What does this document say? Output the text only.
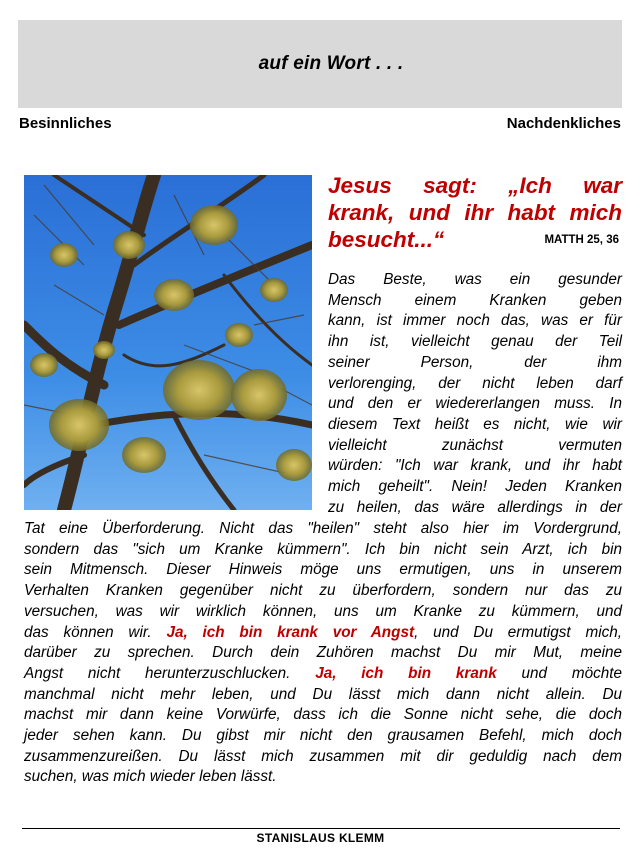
auf ein Wort . . .
Besinnliches	Nachdenkliches
Jesus sagt: „Ich war
krank, und ihr habt mich
besucht...“	MATTH 25, 36
Das Beste, was ein gesunder
Mensch einem Kranken geben
kann, ist immer noch das, was er für
ihn ist, vielleicht genau der Teil
seiner Person, der ihm
verlorenging, der nicht leben darf
und den er wiedererlangen muss. In
diesem Text heißt es nicht, wie wir
vielleicht zunächst vermuten
würden: "Ich war krank, und ihr habt
mich geheilt". Nein! Jeden Kranken
zu heilen, das wäre allerdings in der
Tat eine Überforderung. Nicht das "heilen" steht also hier im Vordergrund,
sondern das "sich um Kranke kümmern". Ich bin nicht sein Arzt, ich bin
sein Mitmensch. Dieser Hinweis möge uns ermutigen, uns in unserem
Verhalten Kranken gegenüber nicht zu überfordern, sondern nur das zu
versuchen, was wir wirklich können, uns um Kranke zu kümmern, und
das können wir. Ja, ich bin krank vor Angst, und Du ermutigst mich,
darüber zu sprechen. Durch dein Zuhören machst Du mir Mut, meine
Angst nicht herunterzuschlucken. Ja, ich bin krank und möchte
manchmal nicht mehr leben, und Du lässt mich dann nicht allein. Du
machst mir dann keine Vorwürfe, dass ich die Sonne nicht sehe, die doch
jeder sehen kann. Du gibst mir nicht den grausamen Befehl, mich doch
zusammenzureißen. Du lässt mich zusammen mit dir geduldig nach dem
suchen, was mich wieder leben lässt.
STANISLAUS KLEMM
